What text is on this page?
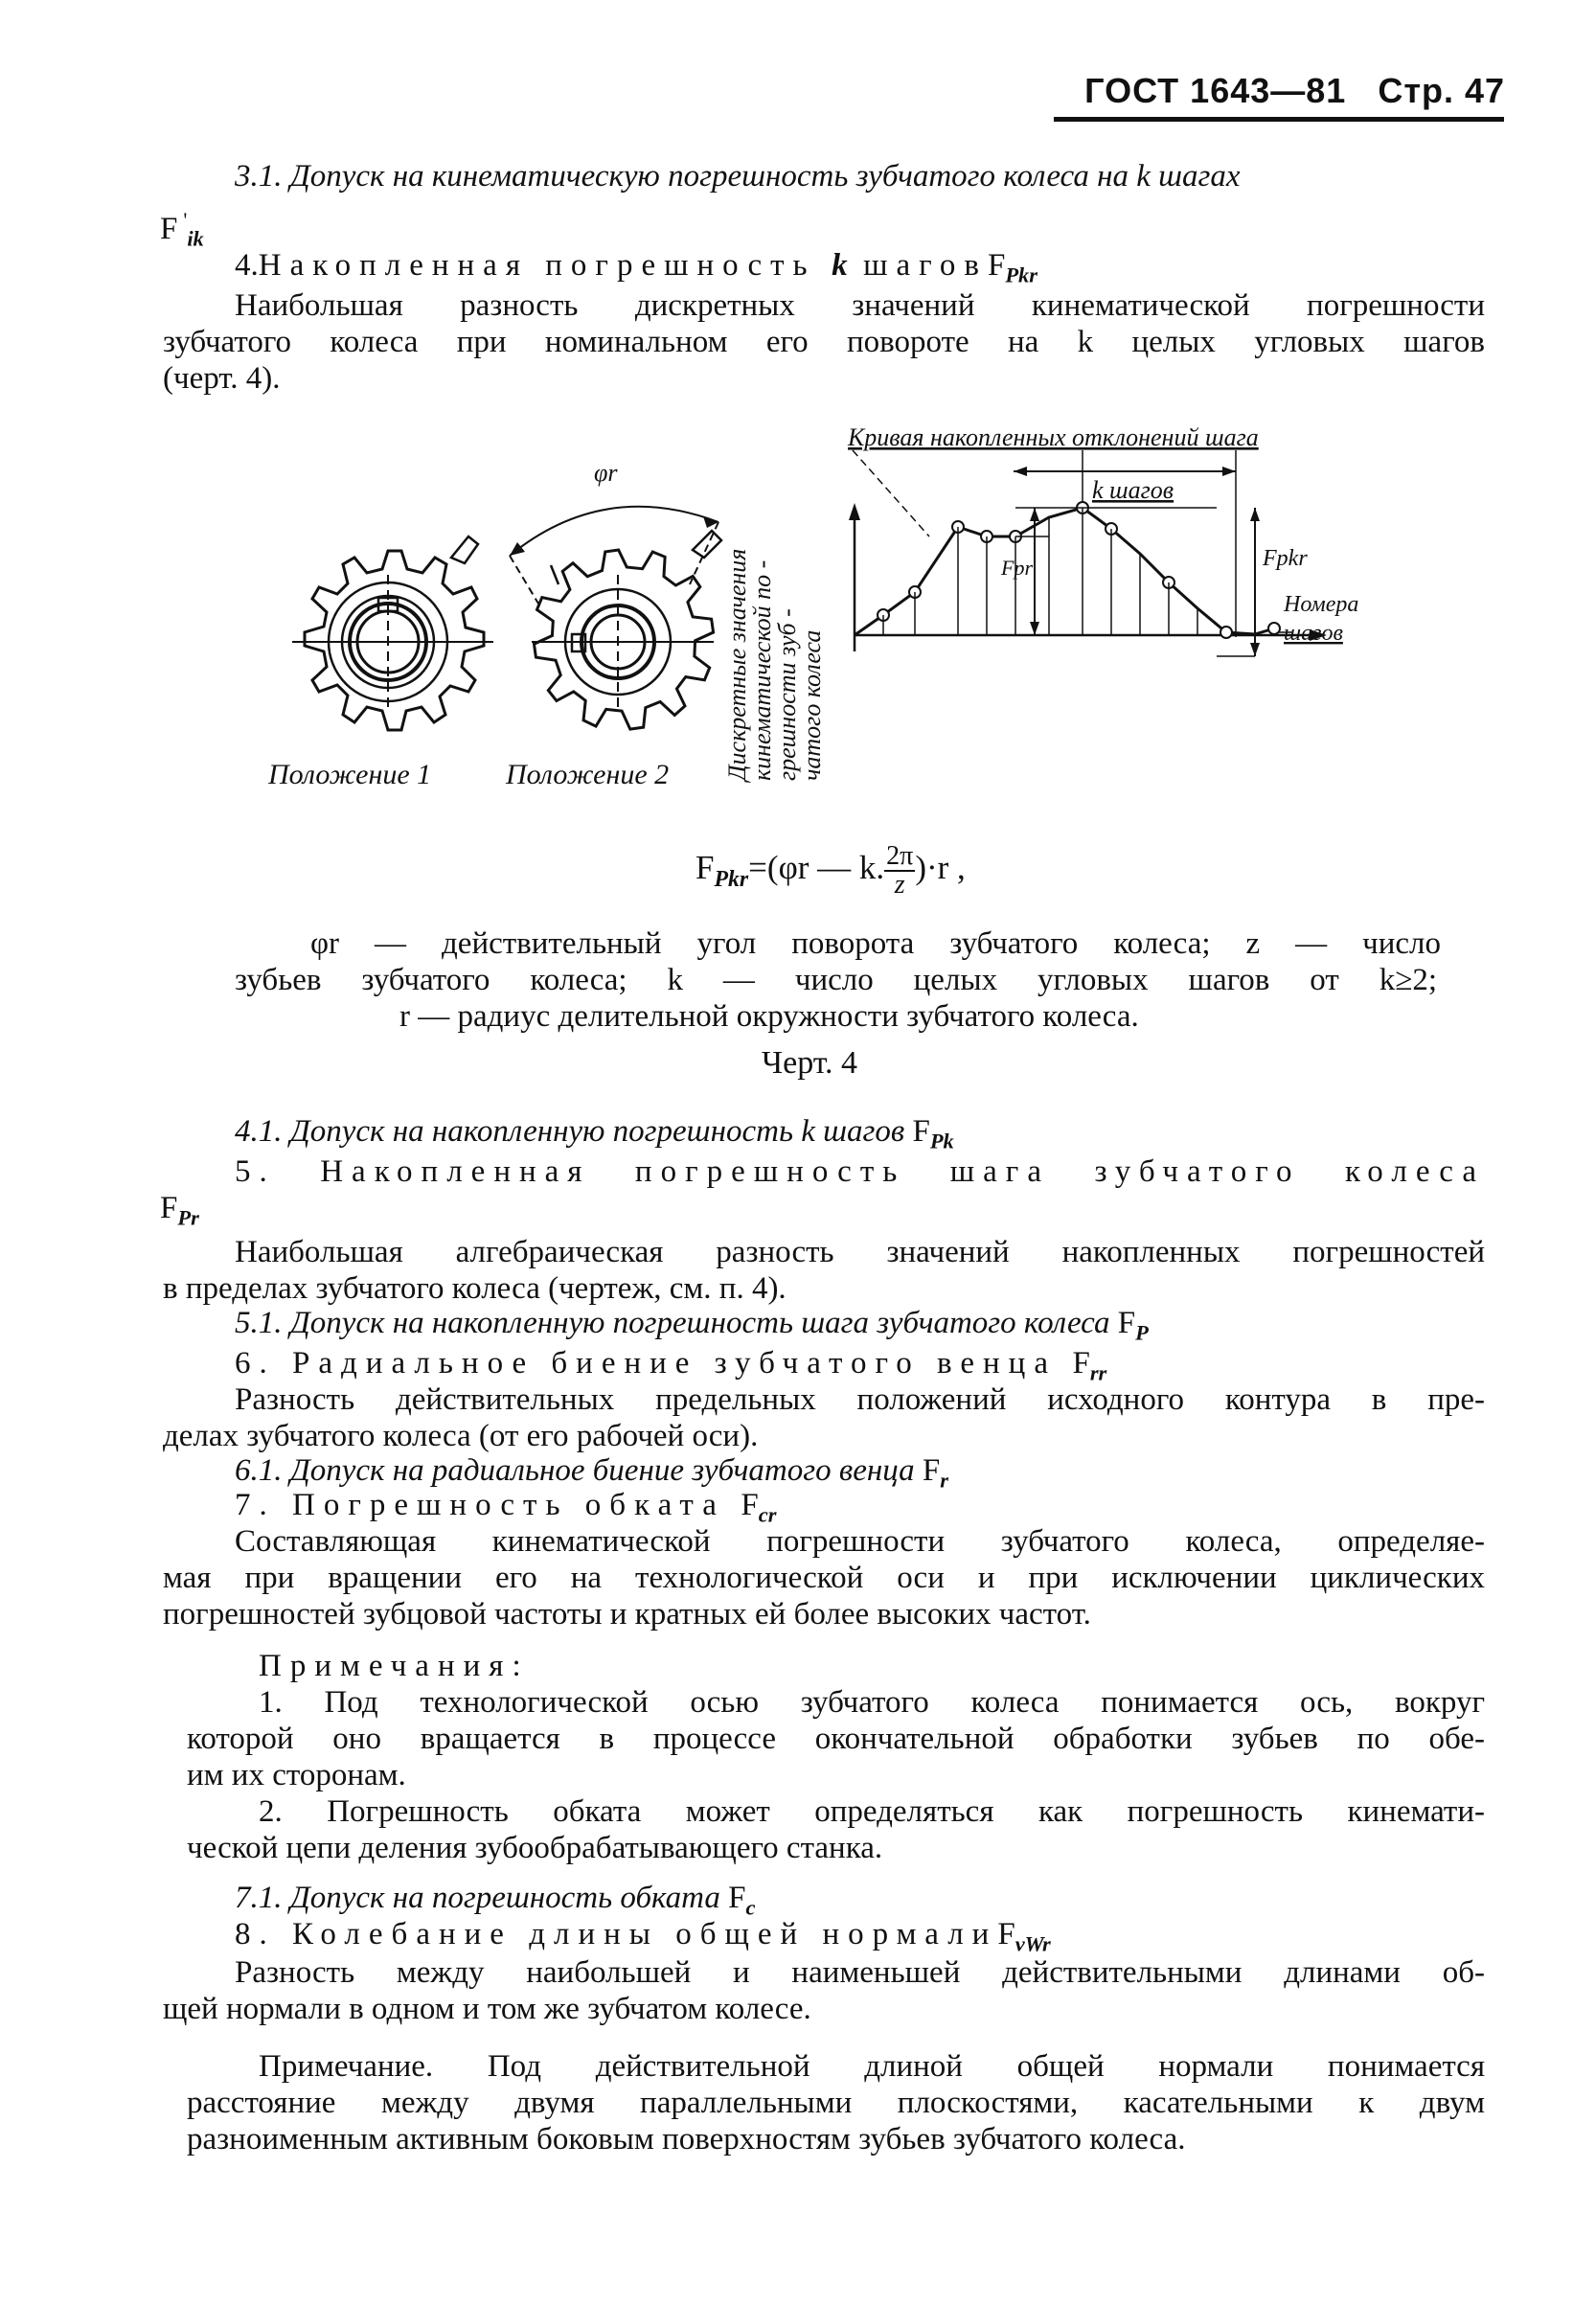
ГОСТ 1643—81 Стр. 47
3.1. Допуск на кинематическую погрешность зубчатого колеса на k шагах
F '$_{ik}$
4.Накопленная погрешность k шаговF$_{Pkr}$
Наибольшая разность дискретных значений кинематической погрешности
зубчатого колеса при номинальном его повороте на k целых угловых шагов
(черт. 4).
φr
Дискретные значения
кинематической по -
грешности зуб -
чатого колеса
Кривая накопленных отклонений шага
k шагов
Fpr	Fpkr
Номера
шагов
Положение 1	Положение 2
$F_{Pkr}=(\varphi r$ — k. $\frac{2\pi}{z} )\cdot r$ ,
φr — действительный угол поворота зубчатого колеса; z — число
зубьев зубчатого колеса; k — число целых угловых шагов от k≥2;
r — радиус делительной окружности зубчатого колеса.
Черт. 4
4.1. Допуск на накопленную погрешность k шагов $F_{Pk}$
5. Накопленная погрешность шага зубчатого колеса
$F_{Pr}$
Наибольшая алгебраическая разность значений накопленных погрешностей
в пределах зубчатого колеса (чертеж, см. п. 4).
5.1. Допуск на накопленную погрешность шага зубчатого колеса $F_P$
6. Радиальное биение зубчатого венца $F_{rr}$
Разность действительных предельных положений исходного контура в пре-
делах зубчатого колеса (от его рабочей оси).
6.1. Допуск на радиальное биение зубчатого венца $F_r$
7. Погрешность обката $F_{cr}$
Составляющая кинематической погрешности зубчатого колеса, определяе-
мая при вращении его на технологической оси и при исключении циклических
погрешностей зубцовой частоты и кратных ей более высоких частот.
Примечания:
1. Под технологической осью зубчатого колеса понимается ось, вокруг
которой оно вращается в процессе окончательной обработки зубьев по обе-
им их сторонам.
2. Погрешность обката может определяться как погрешность кинемати-
ческой цепи деления зубообрабатывающего станка.
7.1. Допуск на погрешность обката $F_c$
8. Колебание длины общей нормалиF$_{vWr}$
Разность между наибольшей и наименьшей действительными длинами об-
щей нормали в одном и том же зубчатом колесе.
Примечание. Под действительной длиной общей нормали понимается
расстояние между двумя параллельными плоскостями, касательными к двум
разноименным активным боковым поверхностям зубьев зубчатого колеса.
